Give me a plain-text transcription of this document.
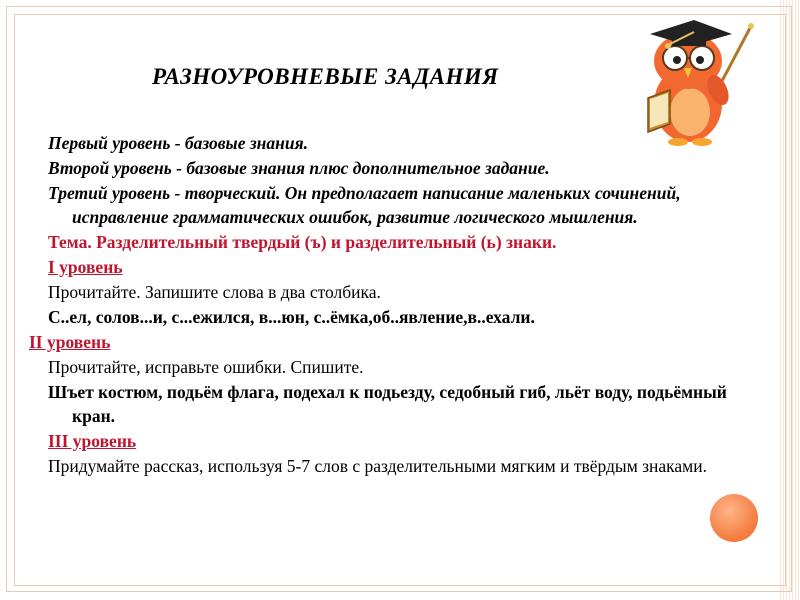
РАЗНОУРОВНЕВЫЕ ЗАДАНИЯ
Первый уровень - базовые знания.
Второй уровень - базовые знания плюс дополнительное задание.
Третий уровень - творческий. Он предполагает написание маленьких сочинений, исправление грамматических ошибок, развитие логического мышления.
Тема. Разделительный твердый (ъ) и разделительный (ь) знаки.
I уровень
Прочитайте. Запишите слова в два столбика.
С..ел, солов...и, с...ежился, в...юн, с..ёмка,об..явление,в..ехали.
II уровень
Прочитайте, исправьте ошибки. Спишите.
Шъет костюм, подьём флага, подехал к подьезду, седобный гиб, льёт воду, подьёмный кран.
III уровень
Придумайте рассказ, используя 5-7 слов с разделительными мягким и твёрдым знаками.
